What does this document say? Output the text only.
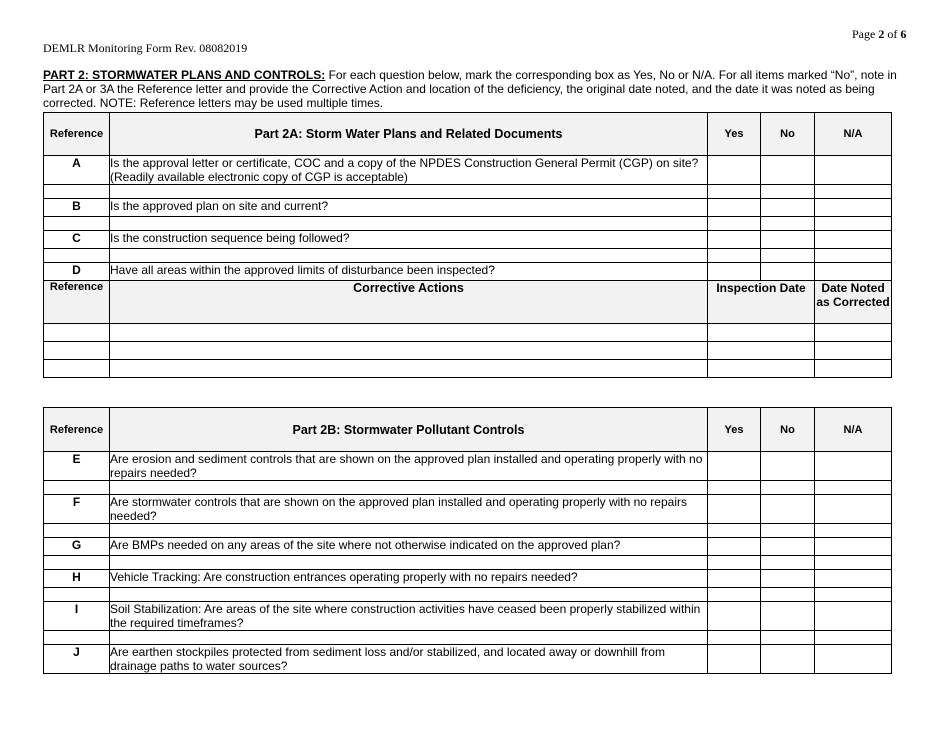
Page 2 of 6
DEMLR Monitoring Form Rev. 08082019
PART 2: STORMWATER PLANS AND CONTROLS: For each question below, mark the corresponding box as Yes, No or N/A. For all items marked “No”, note in Part 2A or 3A the Reference letter and provide the Corrective Action and location of the deficiency, the original date noted, and the date it was noted as being corrected. NOTE: Reference letters may be used multiple times.
Reference	Part 2A: Storm Water Plans and Related Documents	Yes	No	N/A
A	Is the approval letter or certificate, COC and a copy of the NPDES Construction General Permit (CGP) on site? (Readily available electronic copy of CGP is acceptable)			

B	Is the approved plan on site and current?			

C	Is the construction sequence being followed?			

D	Have all areas within the approved limits of disturbance been inspected?			
Reference	Corrective Actions	Inspection Date		Date Noted as Corrected

Reference	Part 2B: Stormwater Pollutant Controls	Yes	No	N/A
E	Are erosion and sediment controls that are shown on the approved plan installed and operating properly with no repairs needed?			

F	Are stormwater controls that are shown on the approved plan installed and operating properly with no repairs needed?			

G	Are BMPs needed on any areas of the site where not otherwise indicated on the approved plan?			

H	Vehicle Tracking: Are construction entrances operating properly with no repairs needed?			

I	Soil Stabilization: Are areas of the site where construction activities have ceased been properly stabilized within the required timeframes?			

J	Are earthen stockpiles protected from sediment loss and/or stabilized, and located away or downhill from drainage paths to water sources?			
